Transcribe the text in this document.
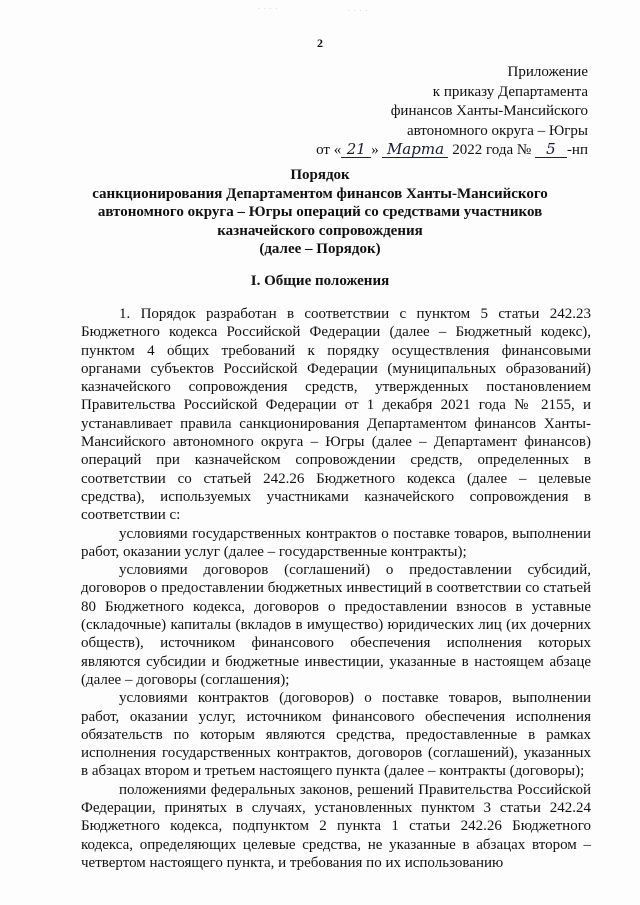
· · · ·	· · · ·
2
Приложение
к приказу Департамента
финансов Ханты-Мансийского
автономного округа – Югры
от « 21 » Марта 2022 года № 5 -нп
Порядок
санкционирования Департаментом финансов Ханты-Мансийского
автономного округа – Югры операций со средствами участников
казначейского сопровождения
(далее – Порядок)
I. Общие положения

1. Порядок разработан в соответствии с пунктом 5 статьи 242.23 Бюджетного кодекса Российской Федерации (далее – Бюджетный кодекс), пунктом 4 общих требований к порядку осуществления финансовыми органами субъектов Российской Федерации (муниципальных образований) казначейского сопровождения средств, утвержденных постановлением Правительства Российской Федерации от 1 декабря 2021 года № 2155, и устанавливает правила санкционирования Департаментом финансов Ханты-Мансийского автономного округа – Югры (далее – Департамент финансов) операций при казначейском сопровождении средств, определенных в соответствии со статьей 242.26 Бюджетного кодекса (далее – целевые средства), используемых участниками казначейского сопровождения в соответствии с:

условиями государственных контрактов о поставке товаров, выполнении работ, оказании услуг (далее – государственные контракты);

условиями договоров (соглашений) о предоставлении субсидий, договоров о предоставлении бюджетных инвестиций в соответствии со статьей 80 Бюджетного кодекса, договоров о предоставлении взносов в уставные (складочные) капиталы (вкладов в имущество) юридических лиц (их дочерних обществ), источником финансового обеспечения исполнения которых являются субсидии и бюджетные инвестиции, указанные в настоящем абзаце (далее – договоры (соглашения);

условиями контрактов (договоров) о поставке товаров, выполнении работ, оказании услуг, источником финансового обеспечения исполнения обязательств по которым являются средства, предоставленные в рамках исполнения государственных контрактов, договоров (соглашений), указанных в абзацах втором и третьем настоящего пункта (далее – контракты (договоры);

положениями федеральных законов, решений Правительства Российской Федерации, принятых в случаях, установленных пунктом 3 статьи 242.24 Бюджетного кодекса, подпунктом 2 пункта 1 статьи 242.26 Бюджетного кодекса, определяющих целевые средства, не указанные в абзацах втором – четвертом настоящего пункта, и требования по их использованию
